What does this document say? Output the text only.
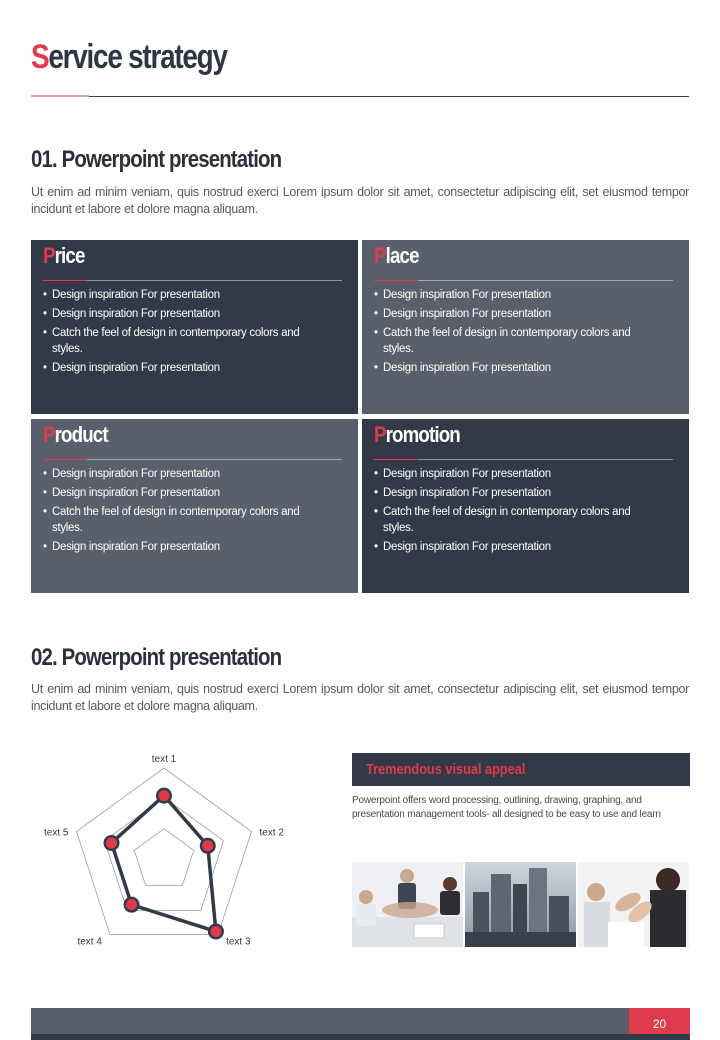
Service strategy
01. Powerpoint presentation
Ut enim ad minim veniam, quis nostrud exerci Lorem ipsum dolor sit amet, consectetur adipiscing elit, set eiusmod tempor incidunt et labore et dolore magna aliquam.
Price
• Design inspiration For presentation
• Design inspiration For presentation
• Catch the feel of design in contemporary colors and styles.
• Design inspiration For presentation
Place
• Design inspiration For presentation
• Design inspiration For presentation
• Catch the feel of design in contemporary colors and styles.
• Design inspiration For presentation
Product
• Design inspiration For presentation
• Design inspiration For presentation
• Catch the feel of design in contemporary colors and styles.
• Design inspiration For presentation
Promotion
• Design inspiration For presentation
• Design inspiration For presentation
• Catch the feel of design in contemporary colors and styles.
• Design inspiration For presentation
02. Powerpoint presentation
Ut enim ad minim veniam, quis nostrud exerci Lorem ipsum dolor sit amet, consectetur adipiscing elit, set eiusmod tempor incidunt et labore et dolore magna aliquam.
text 1
text 2
text 3
text 4
text 5
Tremendous visual appeal
Powerpoint offers word processing, outlining, drawing, graphing, and presentation management tools- all designed to be easy to use and learn
20
